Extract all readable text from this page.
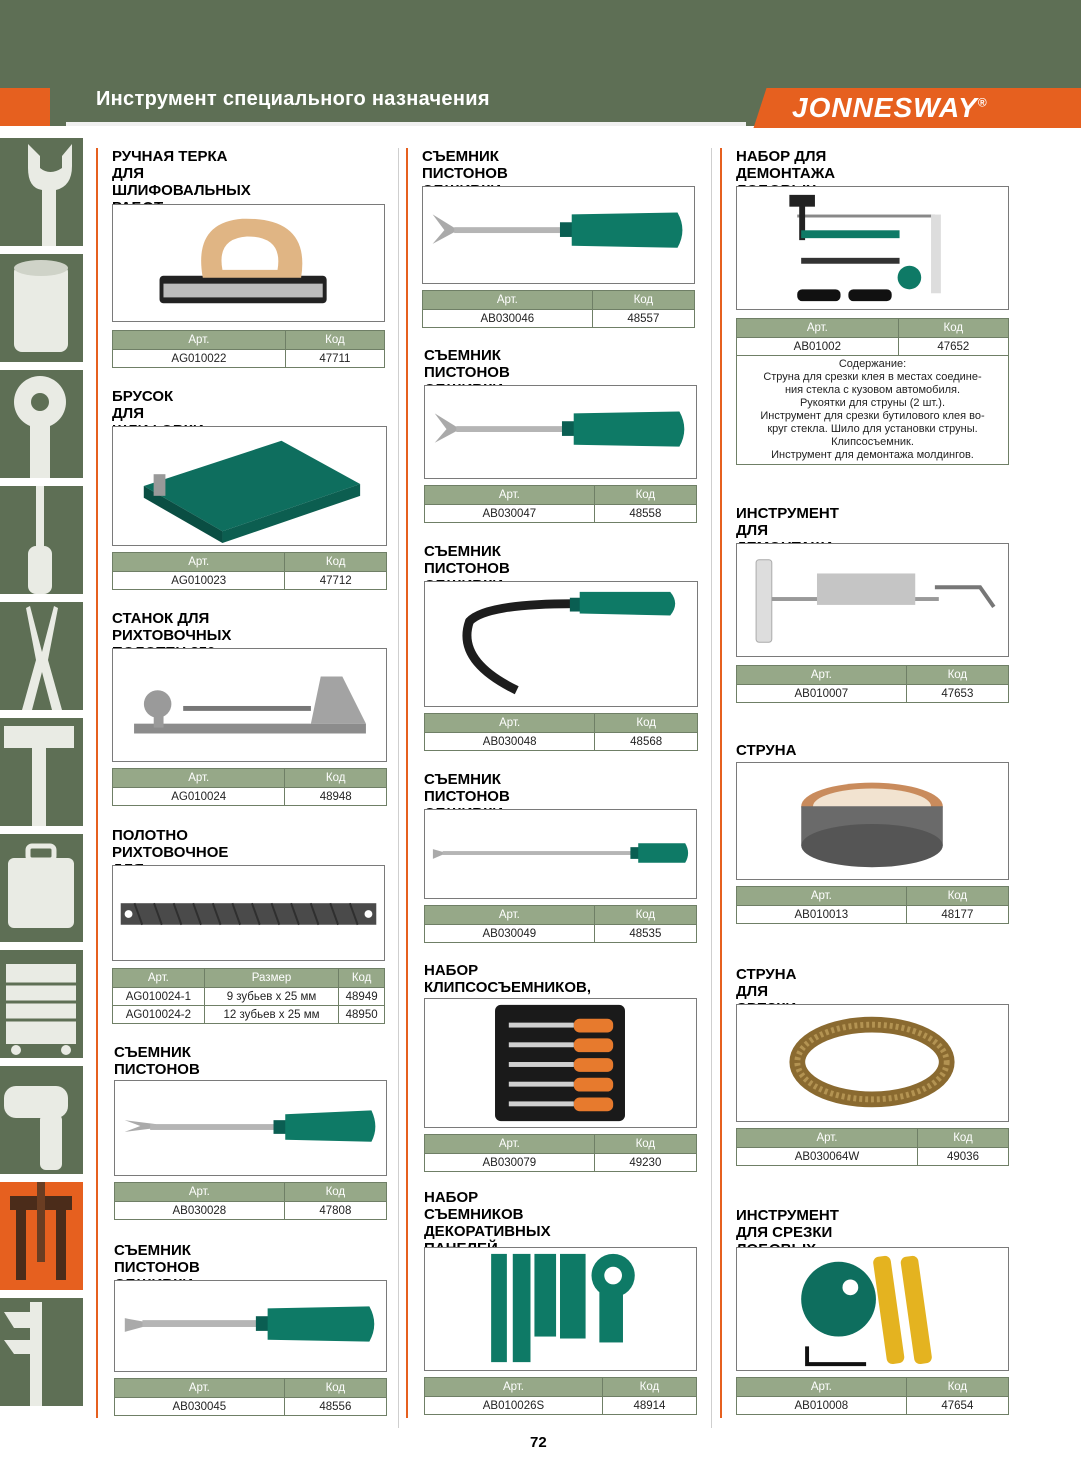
Инструмент специального назначения	JONNESWAY®
РУЧНАЯ ТЕРКА
ДЛЯ ШЛИФОВАЛЬНЫХ

Арт.	Код
AG010022	47711
БРУСОК ДЛЯ

Арт.	Код
AG010023	47712
СТАНОК ДЛЯ РИХТОВОЧНЫХ

Арт.	Код
AG010024	48948
ПОЛОТНО РИХТОВОЧНОЕ

Арт.	Размер	Код
AG010024-1	9 зубьев x 25 мм	48949
AG010024-2	12 зубьев x 25 мм	48950
СЪЕМНИК ПИСТОНОВ

Арт.	Код
AB030028	47808
СЪЕМНИК ПИСТОНОВ

Арт.	Код
AB030045	48556
СЪЕМНИК ПИСТОНОВ

Арт.	Код
AB030046	48557
СЪЕМНИК ПИСТОНОВ

Арт.	Код
AB030047	48558
СЪЕМНИК ПИСТОНОВ

Арт.	Код
AB030048	48568
СЪЕМНИК ПИСТОНОВ

Арт.	Код
AB030049	48535
НАБОР КЛИПСОСЪЕМНИКОВ,

Арт.	Код
AB030079	49230
НАБОР СЪЕМНИКОВ
ДЕКОРАТИВНЫХ

Арт.	Код
AB010026S	48914
НАБОР ДЛЯ ДЕМОНТАЖА

Арт.	Код
AB01002	47652
Содержание:
Струна для срезки клея в местах соедине-
ния стекла с кузовом автомобиля.
Рукоятки для струны (2 шт.).
Инструмент для срезки бутилового клея во-
круг стекла. Шило для установки струны.
Клипсосъемник.
Инструмент для демонтажа молдингов.
ИНСТРУМЕНТ ДЛЯ

Арт.	Код
AB010007	47653
СТРУНА
Арт.	Код
AB010013	48177
СТРУНА ДЛЯ

Арт.	Код
AB030064W	49036
ИНСТРУМЕНТ ДЛЯ СРЕЗКИ

Арт.	Код
AB010008	47654
72
